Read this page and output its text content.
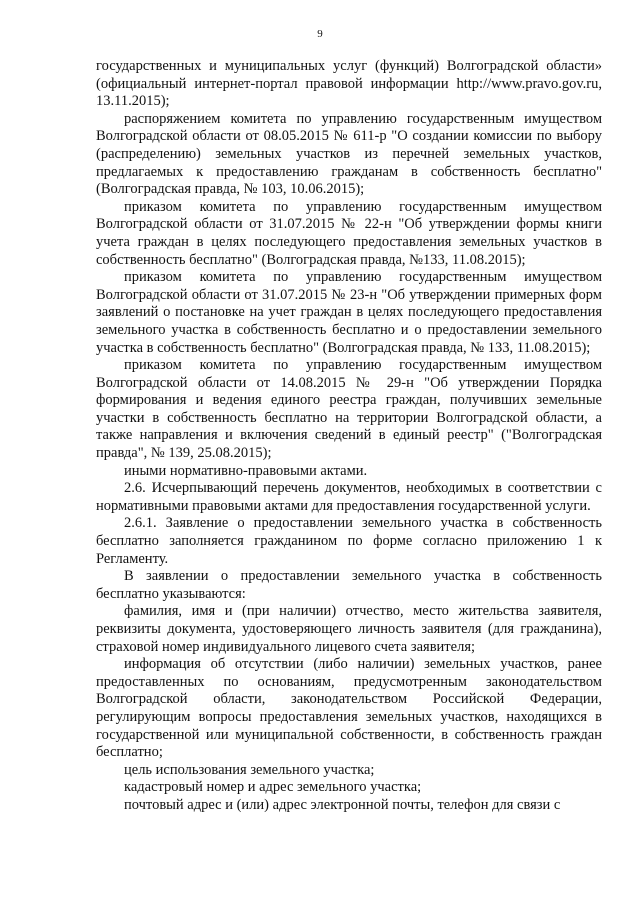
9

государственных и муниципальных услуг (функций) Волгоградской области» (официальный интернет-портал правовой информации http://www.pravo.gov.ru, 13.11.2015);

распоряжением комитета по управлению государственным имуществом Волгоградской области от 08.05.2015 № 611-р "О создании комиссии по выбору (распределению) земельных участков из перечней земельных участков, предлагаемых к предоставлению гражданам в собственность бесплатно" (Волгоградская правда, № 103, 10.06.2015);

приказом комитета по управлению государственным имуществом Волгоградской области от 31.07.2015 № 22-н "Об утверждении формы книги учета граждан в целях последующего предоставления земельных участков в собственность бесплатно" (Волгоградская правда, №133, 11.08.2015);

приказом комитета по управлению государственным имуществом Волгоградской области от 31.07.2015 № 23-н "Об утверждении примерных форм заявлений о постановке на учет граждан в целях последующего предоставления земельного участка в собственность бесплатно и о предоставлении земельного участка в собственность бесплатно" (Волгоградская правда, № 133, 11.08.2015);

приказом комитета по управлению государственным имуществом Волгоградской области от 14.08.2015 № 29-н "Об утверждении Порядка формирования и ведения единого реестра граждан, получивших земельные участки в собственность бесплатно на территории Волгоградской области, а также направления и включения сведений в единый реестр" ("Волгоградская правда", № 139, 25.08.2015);

иными нормативно-правовыми актами.

2.6. Исчерпывающий перечень документов, необходимых в соответствии с нормативными правовыми актами для предоставления государственной услуги.

2.6.1. Заявление о предоставлении земельного участка в собственность бесплатно заполняется гражданином по форме согласно приложению 1 к Регламенту.

В заявлении о предоставлении земельного участка в собственность бесплатно указываются:

фамилия, имя и (при наличии) отчество, место жительства заявителя, реквизиты документа, удостоверяющего личность заявителя (для гражданина), страховой номер индивидуального лицевого счета заявителя;

информация об отсутствии (либо наличии) земельных участков, ранее предоставленных по основаниям, предусмотренным законодательством Волгоградской области, законодательством Российской Федерации, регулирующим вопросы предоставления земельных участков, находящихся в государственной или муниципальной собственности, в собственность граждан бесплатно;

цель использования земельного участка;

кадастровый номер и адрес земельного участка;

почтовый адрес и (или) адрес электронной почты, телефон для связи с
